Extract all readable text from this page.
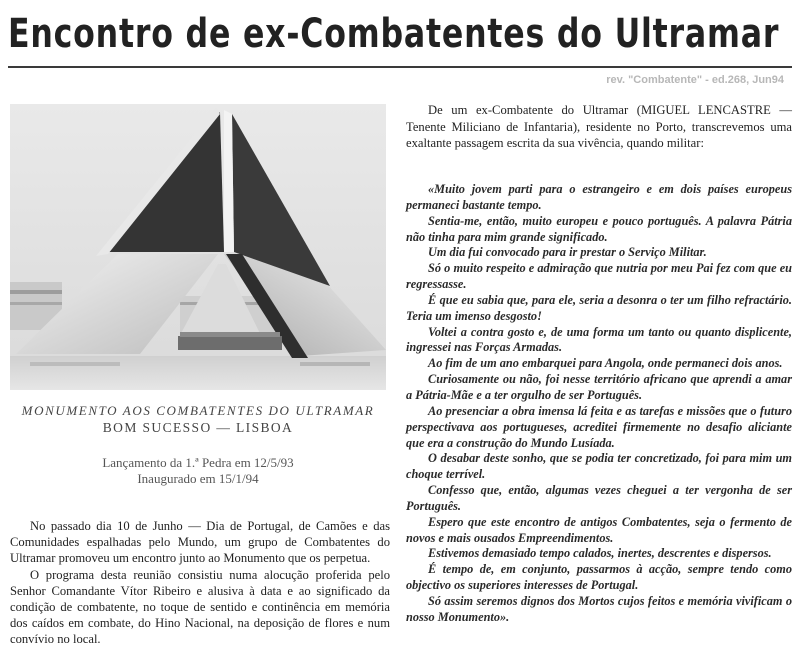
Encontro de ex-Combatentes do Ultramar
rev. "Combatente" - ed.268, Jun94
MONUMENTO AOS COMBATENTES DO ULTRAMAR
BOM SUCESSO — LISBOA
Lançamento da 1.ª Pedra em 12/5/93
Inaugurado em 15/1/94

No passado dia 10 de Junho — Dia de Portugal, de Camões e das Comunidades espalhadas pelo Mundo, um grupo de Combatentes do Ultramar promoveu um encontro junto ao Monumento que os perpetua.

O programa desta reunião consistiu numa alocução proferida pelo Senhor Comandante Vítor Ribeiro e alusiva à data e ao significado da condição de combatente, no toque de sentido e continência em memória dos caídos em combate, do Hino Nacional, na deposição de flores e num convívio no local.

De um ex-Combatente do Ultramar (MIGUEL LENCASTRE — Tenente Miliciano de Infantaria), residente no Porto, transcrevemos uma exaltante passagem escrita da sua vivência, quando militar:

«Muito jovem parti para o estrangeiro e em dois países europeus permaneci bastante tempo.

Sentia-me, então, muito europeu e pouco português. A palavra Pátria não tinha para mim grande significado.

Um dia fui convocado para ir prestar o Serviço Militar.

Só o muito respeito e admiração que nutria por meu Pai fez com que eu regressasse.

É que eu sabia que, para ele, seria a desonra o ter um filho refractário. Teria um imenso desgosto!

Voltei a contra gosto e, de uma forma um tanto ou quanto displicente, ingressei nas Forças Armadas.

Ao fim de um ano embarquei para Angola, onde permaneci dois anos.

Curiosamente ou não, foi nesse território africano que aprendi a amar a Pátria-Mãe e a ter orgulho de ser Português.

Ao presenciar a obra imensa lá feita e as tarefas e missões que o futuro perspectivava aos portugueses, acreditei firmemente no desafio aliciante que era a construção do Mundo Lusíada.

O desabar deste sonho, que se podia ter concretizado, foi para mim um choque terrível.

Confesso que, então, algumas vezes cheguei a ter vergonha de ser Português.

Espero que este encontro de antigos Combatentes, seja o fermento de novos e mais ousados Empreendimentos.

Estivemos demasiado tempo calados, inertes, descrentes e dispersos.

É tempo de, em conjunto, passarmos à acção, sempre tendo como objectivo os superiores interesses de Portugal.

Só assim seremos dignos dos Mortos cujos feitos e memória vivificam o nosso Monumento».
